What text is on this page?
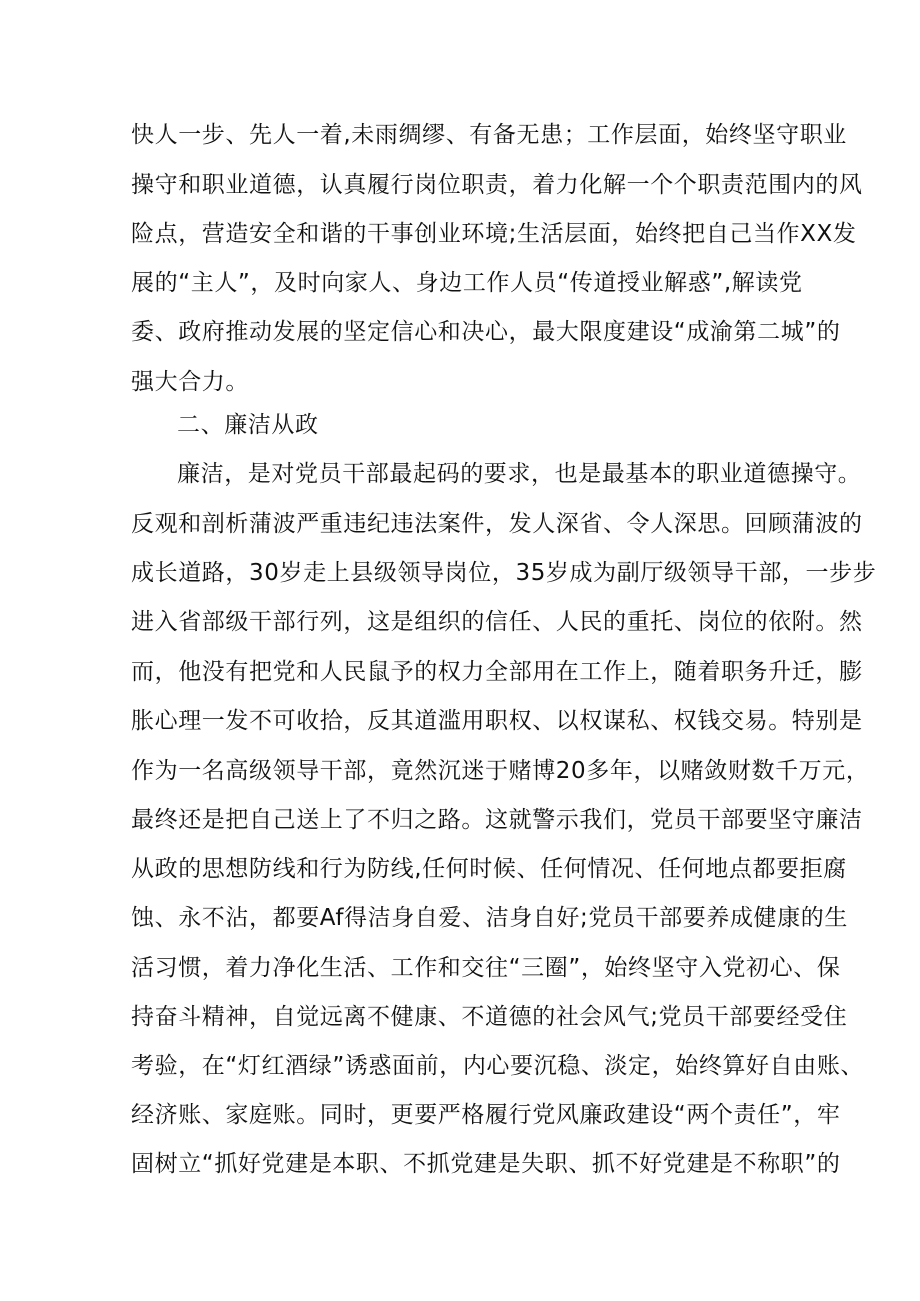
快人一步、先人一着,未雨绸缪、有备无患；工作层面，始终坚守职业
操守和职业道德，认真履行岗位职责，着力化解一个个职责范围内的风
险点，营造安全和谐的干事创业环境;生活层面，始终把自己当作XX发
展的“主人”，及时向家人、身边工作人员“传道授业解惑”,解读党
委、政府推动发展的坚定信心和决心，最大限度建设“成渝第二城”的
强大合力。
二、廉洁从政
廉洁，是对党员干部最起码的要求，也是最基本的职业道德操守。
反观和剖析蒲波严重违纪违法案件，发人深省、令人深思。回顾蒲波的
成长道路，30岁走上县级领导岗位，35岁成为副厅级领导干部，一步步
进入省部级干部行列，这是组织的信任、人民的重托、岗位的依附。然
而，他没有把党和人民鼠予的权力全部用在工作上，随着职务升迁，膨
胀心理一发不可收拾，反其道滥用职权、以权谋私、权钱交易。特别是
作为一名高级领导干部，竟然沉迷于赌博20多年，以赌敛财数千万元，
最终还是把自己送上了不归之路。这就警示我们，党员干部要坚守廉洁
从政的思想防线和行为防线,任何时候、任何情况、任何地点都要拒腐
蚀、永不沾，都要Af得洁身自爱、洁身自好;党员干部要养成健康的生
活习惯，着力净化生活、工作和交往“三圈”，始终坚守入党初心、保
持奋斗精神，自觉远离不健康、不道德的社会风气;党员干部要经受住
考验，在“灯红酒绿”诱惑面前，内心要沉稳、淡定，始终算好自由账、
经济账、家庭账。同时，更要严格履行党风廉政建设“两个责任”，牢
固树立“抓好党建是本职、不抓党建是失职、抓不好党建是不称职”的
